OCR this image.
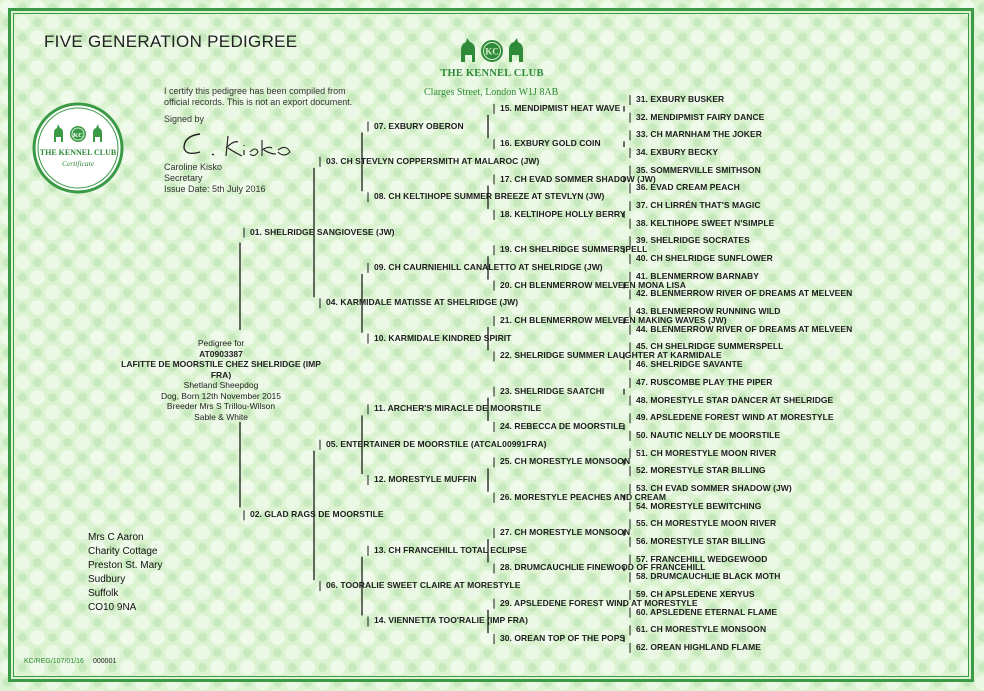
FIVE GENERATION PEDIGREE
KC
THE KENNEL CLUB
Clarges Street, London W1J 8AB
KC
THE KENNEL CLUB
Certificate
I certify this pedigree has been compiled from
official records. This is not an export document.
Signed by
Caroline Kisko
Secretary
Issue Date: 5th July 2016
Pedigree for
AT0903387
LAFITTE DE MOORSTILE CHEZ SHELRIDGE (IMP FRA)
Shetland Sheepdog
Dog, Born 12th November 2015
Breeder Mrs S Trillou-Wilson
Sable & White
Mrs C Aaron
Charity Cottage
Preston St. Mary
Sudbury
Suffolk
CO10 9NA
KC/REG/107/01/16 000001
01. SHELRIDGE SANGIOVESE (JW)
02. GLAD RAGS DE MOORSTILE
03. CH STEVLYN COPPERSMITH AT MALAROC (JW)
04. KARMIDALE MATISSE AT SHELRIDGE (JW)
05. ENTERTAINER DE MOORSTILE (ATCAL00991FRA)
06. TOORALIE SWEET CLAIRE AT MORESTYLE
07. EXBURY OBERON
08. CH KELTIHOPE SUMMER BREEZE AT STEVLYN (JW)
09. CH CAURNIEHILL CANALETTO AT SHELRIDGE (JW)
10. KARMIDALE KINDRED SPIRIT
11. ARCHER'S MIRACLE DE MOORSTILE
12. MORESTYLE MUFFIN
13. CH FRANCEHILL TOTAL ECLIPSE
14. VIENNETTA TOO'RALIE (IMP FRA)
15. MENDIPMIST HEAT WAVE
16. EXBURY GOLD COIN
17. CH EVAD SOMMER SHADOW (JW)
18. KELTIHOPE HOLLY BERRY
19. CH SHELRIDGE SUMMERSPELL
20. CH BLENMERROW MELVEEN MONA LISA
21. CH BLENMERROW MELVEEN MAKING WAVES (JW)
22. SHELRIDGE SUMMER LAUGHTER AT KARMIDALE
23. SHELRIDGE SAATCHI
24. REBECCA DE MOORSTILE
25. CH MORESTYLE MONSOON
26. MORESTYLE PEACHES AND CREAM
27. CH MORESTYLE MONSOON
28. DRUMCAUCHLIE FINEWOOD OF FRANCEHILL
29. APSLEDENE FOREST WIND AT MORESTYLE
30. OREAN TOP OF THE POPS
31. EXBURY BUSKER
32. MENDIPMIST FAIRY DANCE
33. CH MARNHAM THE JOKER
34. EXBURY BECKY
35. SOMMERVILLE SMITHSON
36. EVAD CREAM PEACH
37. CH LIRRÉN THAT'S MAGIC
38. KELTIHOPE SWEET N'SIMPLE
39. SHELRIDGE SOCRATES
40. CH SHELRIDGE SUNFLOWER
41. BLENMERROW BARNABY
42. BLENMERROW RIVER OF DREAMS AT MELVEEN
43. BLENMERROW RUNNING WILD
44. BLENMERROW RIVER OF DREAMS AT MELVEEN
45. CH SHELRIDGE SUMMERSPELL
46. SHELRIDGE SAVANTE
47. RUSCOMBE PLAY THE PIPER
48. MORESTYLE STAR DANCER AT SHELRIDGE
49. APSLEDENE FOREST WIND AT MORESTYLE
50. NAUTIC NELLY DE MOORSTILE
51. CH MORESTYLE MOON RIVER
52. MORESTYLE STAR BILLING
53. CH EVAD SOMMER SHADOW (JW)
54. MORESTYLE BEWITCHING
55. CH MORESTYLE MOON RIVER
56. MORESTYLE STAR BILLING
57. FRANCEHILL WEDGEWOOD
58. DRUMCAUCHLIE BLACK MOTH
59. CH APSLEDENE XERYUS
60. APSLEDENE ETERNAL FLAME
61. CH MORESTYLE MONSOON
62. OREAN HIGHLAND FLAME
